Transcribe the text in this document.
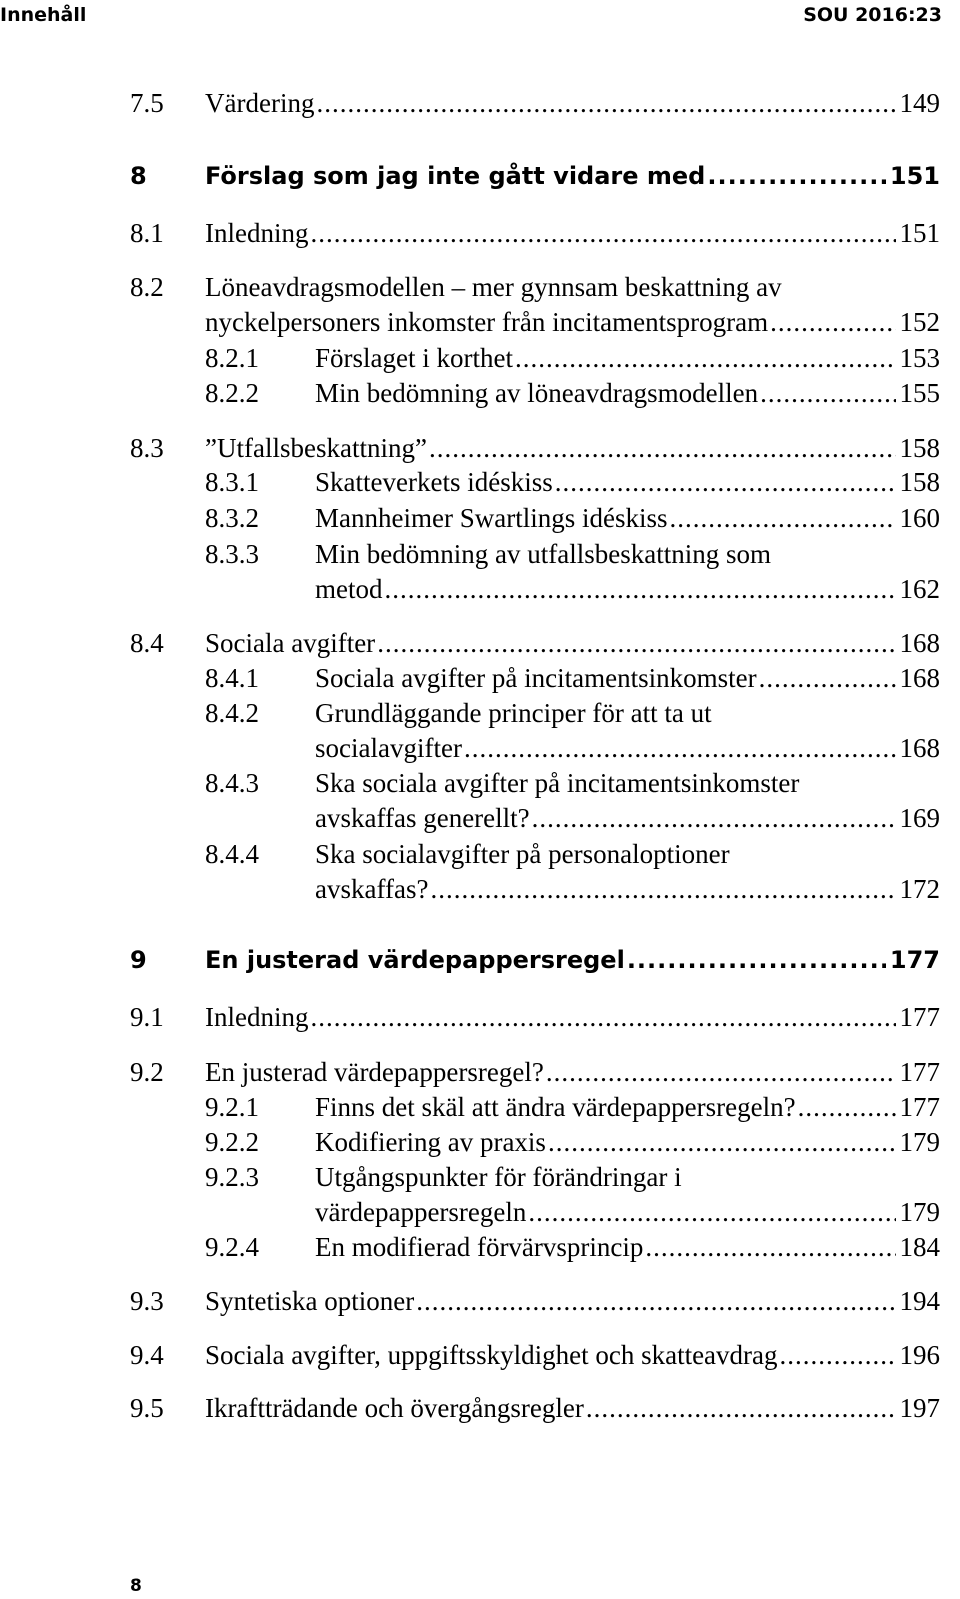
Innehåll	SOU 2016:23
7.5 Värdering .....	149
8 Förslag som jag inte gått vidare med .....	151
8.1 Inledning .....	151
8.2 Löneavdragsmodellen – mer gynnsam beskattning av
nyckelpersoners inkomster från incitamentsprogram .....	152
8.2.1 Förslaget i korthet .....	153
8.2.2 Min bedömning av löneavdragsmodellen .....	155
8.3 ”Utfallsbeskattning” .....	158
8.3.1 Skatteverkets idéskiss .....	158
8.3.2 Mannheimer Swartlings idéskiss .....	160
8.3.3 Min bedömning av utfallsbeskattning som
metod .....	162
8.4 Sociala avgifter .....	168
8.4.1 Sociala avgifter på incitamentsinkomster .....	168
8.4.2 Grundläggande principer för att ta ut
socialavgifter .....	168
8.4.3 Ska sociala avgifter på incitamentsinkomster
avskaffas generellt? .....	169
8.4.4 Ska socialavgifter på personaloptioner
avskaffas? .....	172
9 En justerad värdepappersregel .....	177
9.1 Inledning .....	177
9.2 En justerad värdepappersregel? .....	177
9.2.1 Finns det skäl att ändra värdepappersregeln? .....	177
9.2.2 Kodifiering av praxis .....	179
9.2.3 Utgångspunkter för förändringar i
värdepappersregeln .....	179
9.2.4 En modifierad förvärvsprincip .....	184
9.3 Syntetiska optioner .....	194
9.4 Sociala avgifter, uppgiftsskyldighet och skatteavdrag .....	196
9.5 Ikraftträdande och övergångsregler .....	197
8
